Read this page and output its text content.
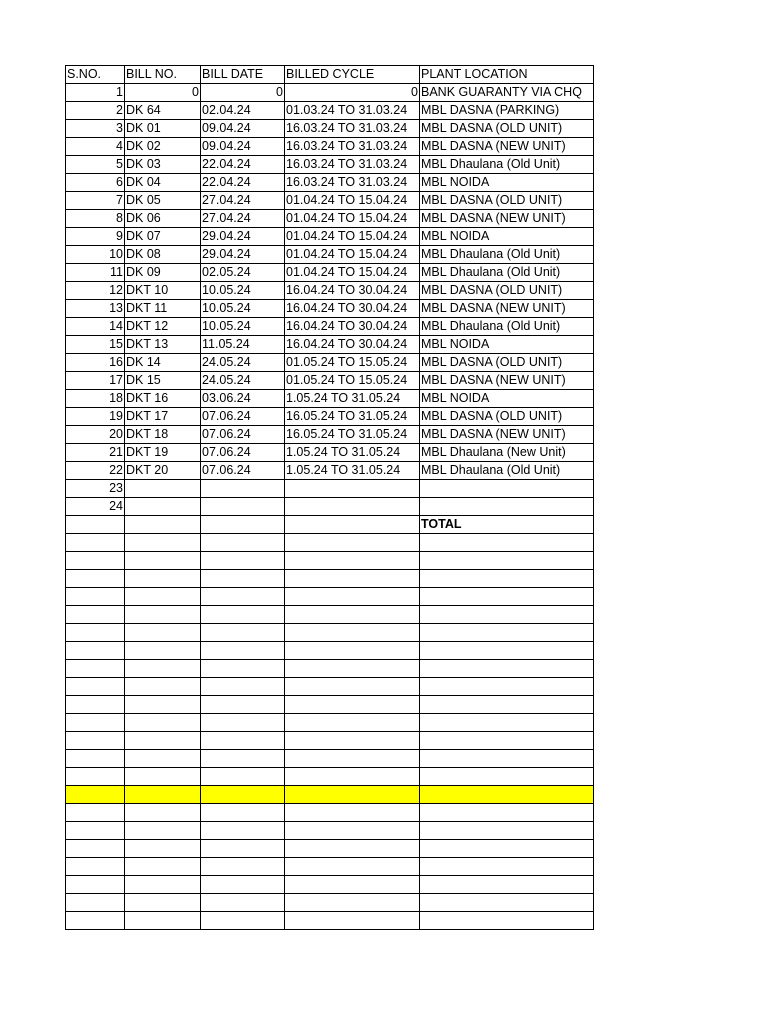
S.NO.	BILL NO.	BILL DATE	BILLED CYCLE	PLANT LOCATION
1	0	0	0	BANK GUARANTY VIA CHQ
2	DK 64	02.04.24	01.03.24 TO 31.03.24	MBL DASNA (PARKING)
3	DK 01	09.04.24	16.03.24 TO 31.03.24	MBL DASNA (OLD UNIT)
4	DK 02	09.04.24	16.03.24 TO 31.03.24	MBL DASNA (NEW UNIT)
5	DK 03	22.04.24	16.03.24 TO 31.03.24	MBL Dhaulana (Old Unit)
6	DK 04	22.04.24	16.03.24 TO 31.03.24	MBL NOIDA
7	DK 05	27.04.24	01.04.24 TO 15.04.24	MBL DASNA (OLD UNIT)
8	DK 06	27.04.24	01.04.24 TO 15.04.24	MBL DASNA (NEW UNIT)
9	DK 07	29.04.24	01.04.24 TO 15.04.24	MBL NOIDA
10	DK 08	29.04.24	01.04.24 TO 15.04.24	MBL Dhaulana (Old Unit)
11	DK 09	02.05.24	01.04.24 TO 15.04.24	MBL Dhaulana (Old Unit)
12	DKT 10	10.05.24	16.04.24 TO 30.04.24	MBL DASNA (OLD UNIT)
13	DKT 11	10.05.24	16.04.24 TO 30.04.24	MBL DASNA (NEW UNIT)
14	DKT 12	10.05.24	16.04.24 TO 30.04.24	MBL Dhaulana (Old Unit)
15	DKT 13	11.05.24	16.04.24 TO 30.04.24	MBL NOIDA
16	DK 14	24.05.24	01.05.24 TO 15.05.24	MBL DASNA (OLD UNIT)
17	DK 15	24.05.24	01.05.24 TO 15.05.24	MBL DASNA (NEW UNIT)
18	DKT 16	03.06.24	1.05.24 TO 31.05.24	MBL NOIDA
19	DKT 17	07.06.24	16.05.24 TO 31.05.24	MBL DASNA (OLD UNIT)
20	DKT 18	07.06.24	16.05.24 TO 31.05.24	MBL DASNA (NEW UNIT)
21	DKT 19	07.06.24	1.05.24 TO 31.05.24	MBL Dhaulana (New Unit)
22	DKT 20	07.06.24	1.05.24 TO 31.05.24	MBL Dhaulana (Old Unit)
23				
24				
				TOTAL
